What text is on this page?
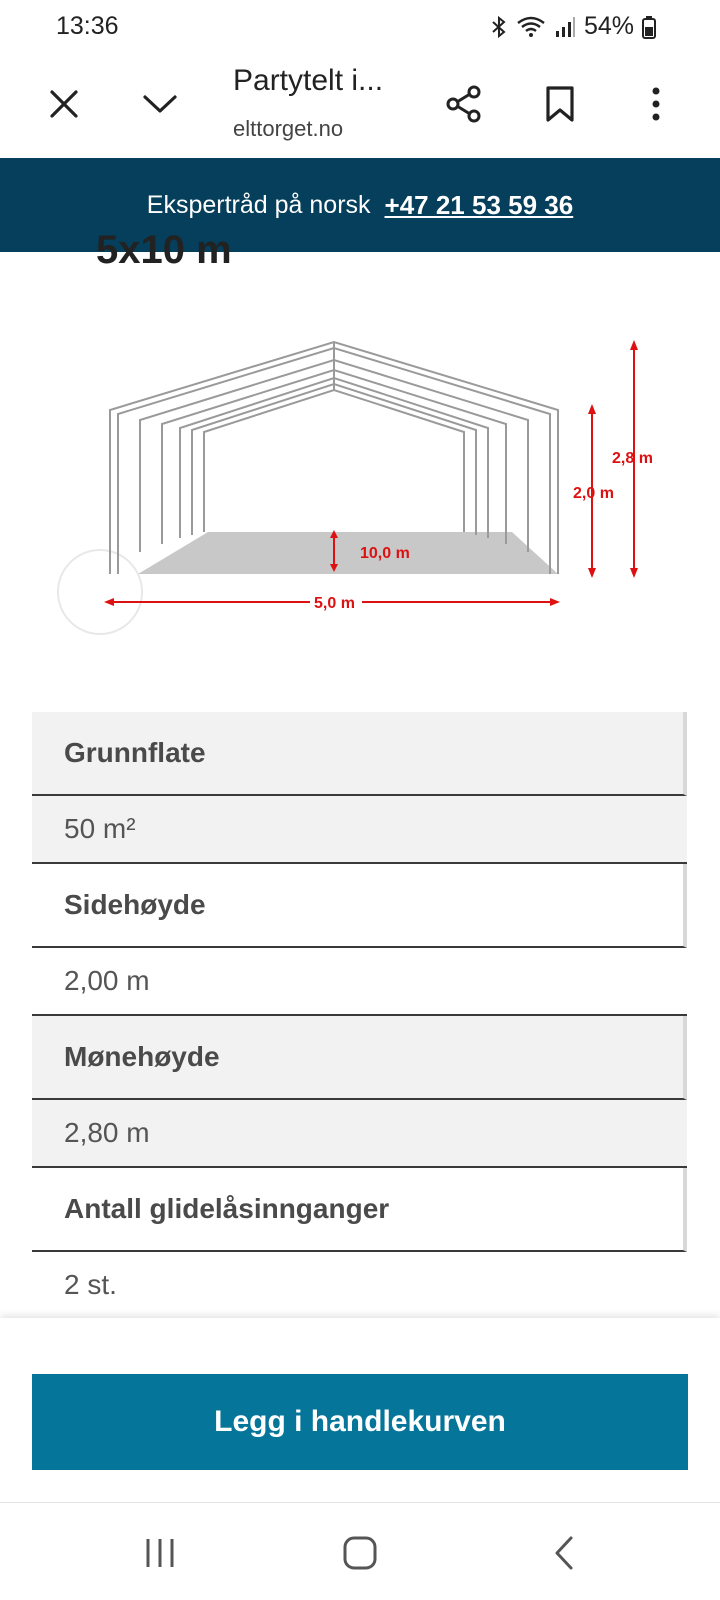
13:36	54%
Partytelt i...
elttorget.no
Ekspertråd på norsk +47 21 53 59 36
5x10 m
10,0 m
5,0 m
2,0 m
2,8 m
Grunnflate
50 m²
Sidehøyde
2,00 m
Mønehøyde
2,80 m
Antall glidelåsinnganger
2 st.
Legg i handlekurven
